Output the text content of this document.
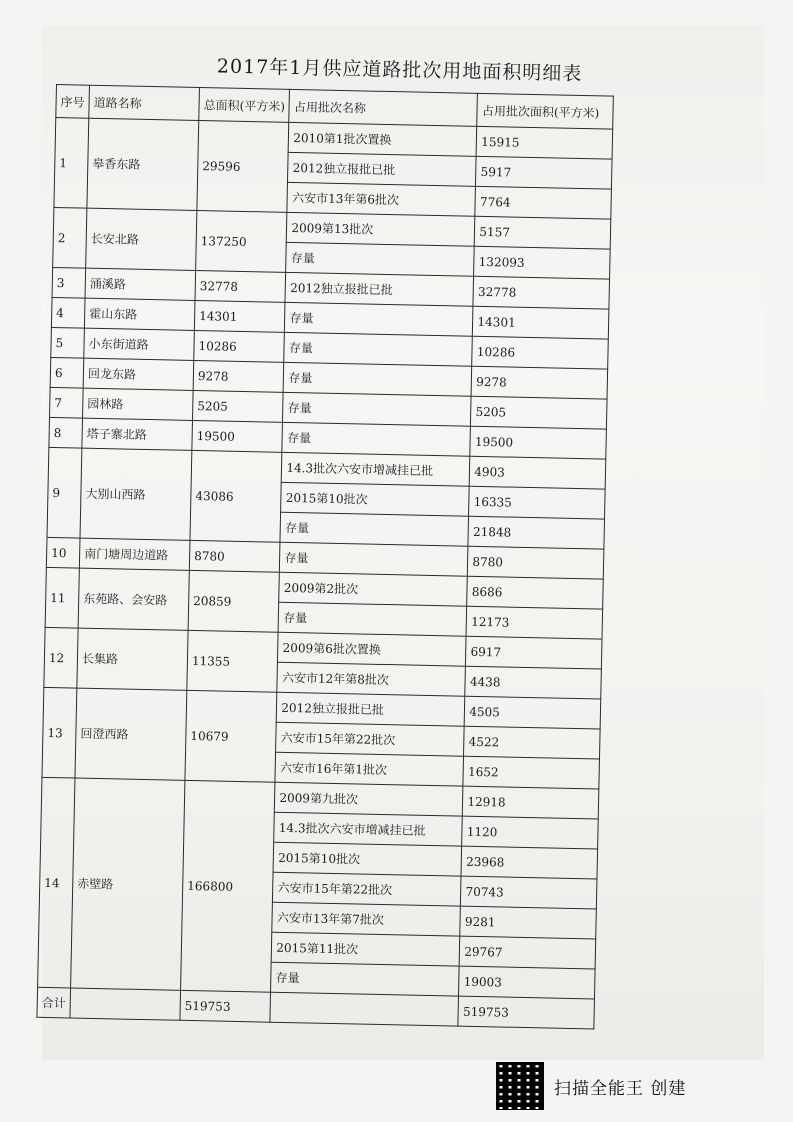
2017年1月供应道路批次用地面积明细表
序号	道路名称	总面积(平方米)	占用批次名称	占用批次面积(平方米)
1	皋香东路	29596	2010第1批次置换	15915
			2012独立报批已批	5917
			六安市13年第6批次	7764
2	长安北路	137250	2009第13批次	5157
			存量	132093
3	涌溪路	32778	2012独立报批已批	32778
4	霍山东路	14301	存量	14301
5	小东街道路	10286	存量	10286
6	回龙东路	9278	存量	9278
7	园林路	5205	存量	5205
8	塔子寨北路	19500	存量	19500
9	大别山西路	43086	14.3批次六安市增减挂已批	4903
			2015第10批次	16335
			存量	21848
10	南门塘周边道路	8780	存量	8780
11	东苑路、会安路	20859	2009第2批次	8686
			存量	12173
12	长集路	11355	2009第6批次置换	6917
			六安市12年第8批次	4438
13	回澄西路	10679	2012独立报批已批	4505
			六安市15年第22批次	4522
			六安市16年第1批次	1652
14	赤壁路	166800	2009第九批次	12918
			14.3批次六安市增减挂已批	1120
			2015第10批次	23968
			六安市15年第22批次	70743
			六安市13年第7批次	9281
			2015第11批次	29767
			存量	19003
合计		519753		519753
扫描全能王 创建
